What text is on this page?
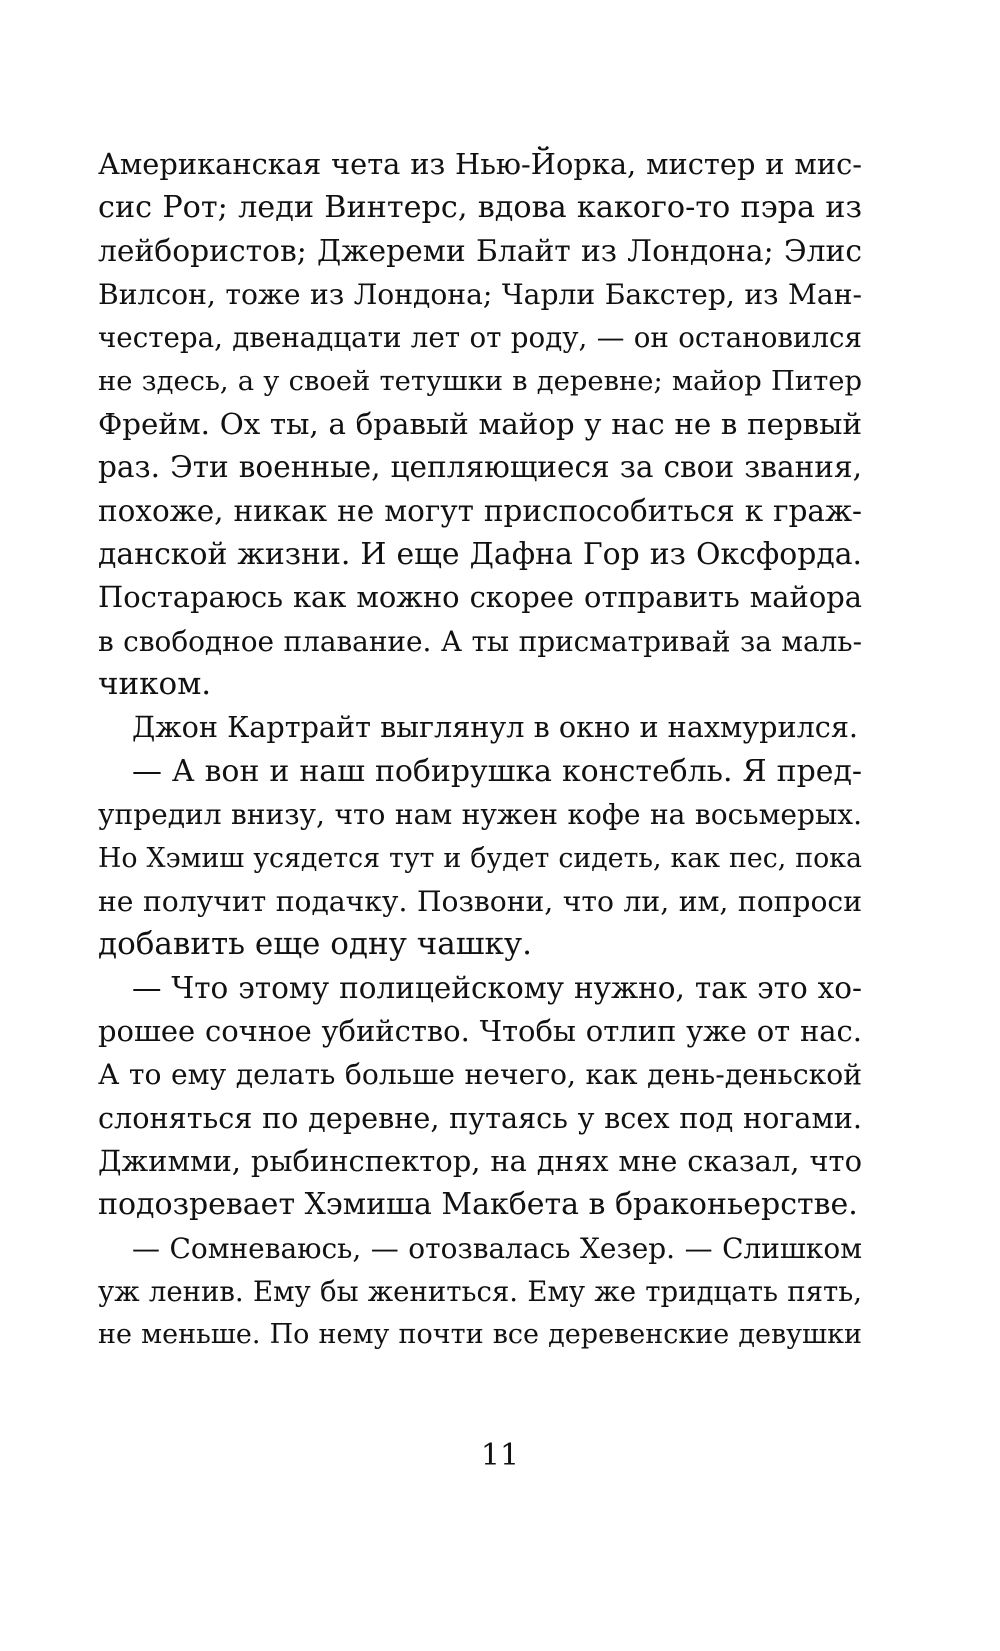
Американская чета из Нью-Йорка, мистер и мис-
сис Рот; леди Винтерс, вдова какого-то пэра из
лейбористов; Джереми Блайт из Лондона; Элис
Вилсон, тоже из Лондона; Чарли Бакстер, из Ман-
честера, двенадцати лет от роду, — он остановился
не здесь, а у своей тетушки в деревне; майор Питер
Фрейм. Ох ты, а бравый майор у нас не в первый
раз. Эти военные, цепляющиеся за свои звания,
похоже, никак не могут приспособиться к граж-
данской жизни. И еще Дафна Гор из Оксфорда.
Постараюсь как можно скорее отправить майора
в свободное плавание. А ты присматривай за маль-
чиком.
Джон Картрайт выглянул в окно и нахмурился.
— А вон и наш побирушка констебль. Я пред-
упредил внизу, что нам нужен кофе на восьмерых.
Но Хэмиш усядется тут и будет сидеть, как пес, пока
не получит подачку. Позвони, что ли, им, попроси
добавить еще одну чашку.
— Что этому полицейскому нужно, так это хо-
рошее сочное убийство. Чтобы отлип уже от нас.
А то ему делать больше нечего, как день-деньской
слоняться по деревне, путаясь у всех под ногами.
Джимми, рыбинспектор, на днях мне сказал, что
подозревает Хэмиша Макбета в браконьерстве.
— Сомневаюсь, — отозвалась Хезер. — Слишком
уж ленив. Ему бы жениться. Ему же тридцать пять,
не меньше. По нему почти все деревенские девушки
11
